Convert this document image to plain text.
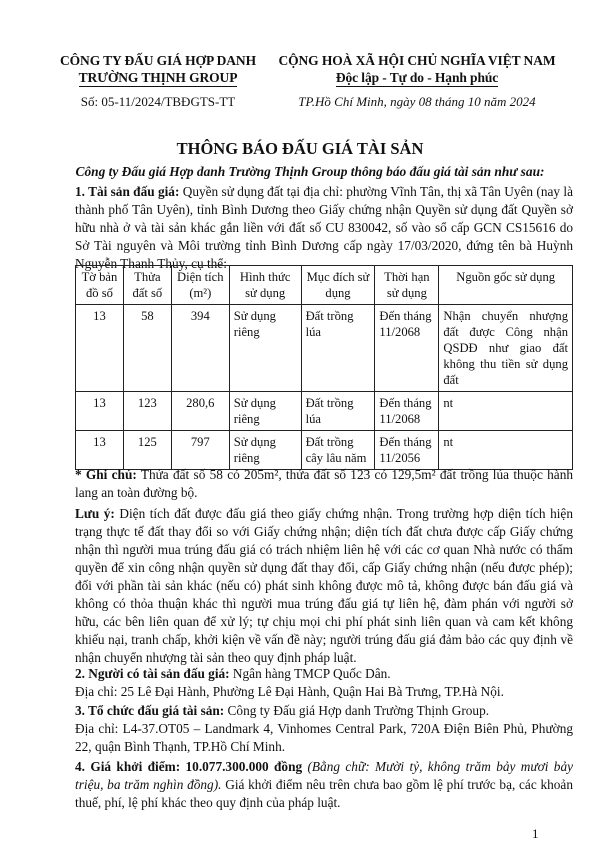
CÔNG TY ĐẤU GIÁ HỢP DANH
TRƯỜNG THỊNH GROUP
Số: 05-11/2024/TBĐGTS-TT
CỘNG HOÀ XÃ HỘI CHỦ NGHĨA VIỆT NAM
Độc lập - Tự do - Hạnh phúc
TP.Hồ Chí Minh, ngày 08 tháng 10 năm 2024
THÔNG BÁO ĐẤU GIÁ TÀI SẢN
Công ty Đấu giá Hợp danh Trường Thịnh Group thông báo đấu giá tài sản như sau:

1. Tài sản đấu giá: Quyền sử dụng đất tại địa chỉ: phường Vĩnh Tân, thị xã Tân Uyên (nay là thành phố Tân Uyên), tỉnh Bình Dương theo Giấy chứng nhận Quyền sử dụng đất Quyền sở hữu nhà ở và tài sản khác gắn liền với đất số CU 830042, số vào sổ cấp GCN CS15616 do Sở Tài nguyên và Môi trường tỉnh Bình Dương cấp ngày 17/03/2020, đứng tên bà Huỳnh Nguyễn Thanh Thủy, cụ thể:

Tờ bản đồ số	Thửa đất số	Diện tích (m²)	Hình thức sử dụng	Mục đích sử dụng	Thời hạn sử dụng	Nguồn gốc sử dụng
13	58	394	Sử dụng riêng	Đất trồng lúa	Đến tháng 11/2068	Nhận chuyển nhượng đất được Công nhận QSDĐ như giao đất không thu tiền sử dụng đất
13	123	280,6	Sử dụng riêng	Đất trồng lúa	Đến tháng 11/2068	nt
13	125	797	Sử dụng riêng	Đất trồng cây lâu năm	Đến tháng 11/2056	nt

* Ghi chú: Thửa đất số 58 có 205m², thửa đất số 123 có 129,5m² đất trồng lúa thuộc hành lang an toàn đường bộ.

Lưu ý: Diện tích đất được đấu giá theo giấy chứng nhận. Trong trường hợp diện tích hiện trạng thực tế đất thay đổi so với Giấy chứng nhận; diện tích đất chưa được cấp Giấy chứng nhận thì người mua trúng đấu giá có trách nhiệm liên hệ với các cơ quan Nhà nước có thẩm quyền để xin công nhận quyền sử dụng đất thay đổi, cấp Giấy chứng nhận (nếu được phép); đối với phần tài sản khác (nếu có) phát sinh không được mô tả, không được bán đấu giá và không có thỏa thuận khác thì người mua trúng đấu giá tự liên hệ, đàm phán với người sở hữu, các bên liên quan để xử lý; tự chịu mọi chi phí phát sinh liên quan và cam kết không khiếu nại, tranh chấp, khởi kiện về vấn đề này; người trúng đấu giá đảm bảo các quy định về nhận chuyển nhượng tài sản theo quy định pháp luật.

2. Người có tài sản đấu giá: Ngân hàng TMCP Quốc Dân.

Địa chỉ: 25 Lê Đại Hành, Phường Lê Đại Hành, Quận Hai Bà Trưng, TP.Hà Nội.

3. Tổ chức đấu giá tài sản: Công ty Đấu giá Hợp danh Trường Thịnh Group.

Địa chỉ: L4-37.OT05 – Landmark 4, Vinhomes Central Park, 720A Điện Biên Phủ, Phường 22, quận Bình Thạnh, TP.Hồ Chí Minh.

4. Giá khởi điểm: 10.077.300.000 đồng (Bằng chữ: Mười tỷ, không trăm bảy mươi bảy triệu, ba trăm nghìn đồng). Giá khởi điểm nêu trên chưa bao gồm lệ phí trước bạ, các khoản thuế, phí, lệ phí khác theo quy định của pháp luật.

1
